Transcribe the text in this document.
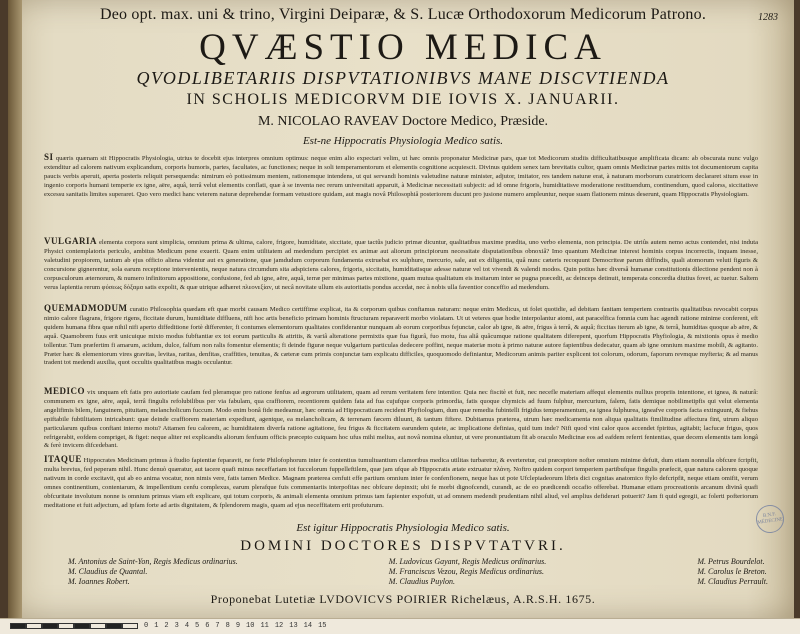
Deo opt. max. uni & trino, Virgini Deiparæ, & S. Lucæ Orthodoxorum Medicorum Patrono.	1283
QVÆSTIO MEDICA
QVODLIBETARIIS DISPVTATIONIBVS MANE DISCVTIENDA
IN SCHOLIS MEDICORVM DIE IOVIS X. JANUARII.
M. NICOLAO RAVEAV Doctore Medico, Præside.
Est-ne Hippocratis Physiologia Medico satis.
SI quæris quænam sit Hippocratis Physiologia, utrius te docebit ejus interpres omnium optimus: neque enim alio expectari velim, ut hæc omnis proponatur Medicinæ pars, quæ tot Medicorum studiis difficultatibusque amplificata dicam: ab obscurata nunc vulgo extenditur ad calorem nativum explicandum, corporis humoris, partes, facultates, ac functiones; neque in soli temperamentorum et elementis cognitione acquiescit. Divinus quidem senex tam brevitatis cultor, quam omnis Medicinæ partes mitis tot documentorum capita paucis verbis aperuit, aperta posteris reliquit persequenda: nimirum eò potissimum mentem, rationemque intendens, ut qui servandi hominis valetudine naturæ minister, adjutor, imitator, res tandem naturæ erat, à naturam morborum curatricem declararet situm esse in ingenio corporis humani temperie ex igne, aëre, aquâ, terrâ velut elementis conflati, quæ à se inventa nec rerum universitati apparuit, à Medicinæ necessitati subjecit: ad id omne frigoris, humiditatisve moderatione restituendum, continendum, quod calorss, siccitatisve excessu sanitatis limites superaret. Quo vero medici hanc veterem naturæ deprehendæ formam vetustiore quidam, aut magis novâ Philosophiâ posteriorem ducunt pro jusione numero ampleuntur, neque suam flationem minus deserunt, quam Hippocratis Physiologiam.
VULGARIA elementa corpora sunt simplicia, omnium prima & ultima, calore, frigore, humiditate, siccitate, quæ tactûs judicio primæ dicuntur, qualitatibus maxime prædita, uno verbo elementa, non principia. De utriûs autem nemo actus contendet, nisi induta Physici contemplatoris periculo, ambitus Medicum pene exuerit. Quam enim utilitatem ad medendum percipiet ex animæ aut aliorum principiorum necessitate disputationibus obnoxiâ? Imo quantum Medicinæ interest hominis corpus incorrectis, inquam inesse, valetudini propiorem, tantum ab ejus officio aliena videntur aut ex generatione, quæ jamdudum corporum fundamenta extruebat ex sulphure, mercurio, sale, aut ex diligentia, quâ nunc cæteris recoquunt Democriteæ parum diffindis, quali atomorum veluti figuris & concursione gignerentur, sola earum receptione intervenientis, neque natura circumdum sita adspiciens calores, frigoris, siccitatis, humiditatisque adesse naturæ vel tot vivendi & valendi modos. Quin potius hæc diversâ humanæ constitutionis dilectione pendent non à corpusculorum æternorum, & numero infinitorum appositione, confusione, fed ab igne, aëre, aquâ, terræ per minimas partes mixtione, quam mutua qualitatum eis insitarum inter se pugna præcedit, ac deinceps detinuit, temperata concordia diutius fovet, ac tuetur. Saltem verus lapientia rerum φύσεως δόξαμα satis expolit, & quæ utrique adhæret πλεονεξίαν, ut necâ novitate ullum eis autoritatis pondus accedat, nec à nobis ulla faventior conceffio ad medendum.
QUEMADMODUM curatio Philosophia quædam eft quæ morbi causam Medico certiffime explicat, ita & corporum quibus conftamus naturam: neque enim Medicus, ut folet quotidie, ad debitam fanitam temperiem contrariis qualitatibus revocabit corpus nimio calore flagrans, frigore rigens, ficcitate durum, humiditate diffluens, nifi hoc artis beneficio primam hominis ftructuram reparaverit morbo violatam. Ut ut veteres quæ hodie interpolantur atomi, aut paracelfica fomnia cum hac agendi ratione minime conferent, eft quidem humana fibra quæ nihil nifi aperto diffeditione fortè differenter, fi contumes elementorum qualitates confiderantur nunquam ab eorum corporibus fejunctæ, calor ab igne, & aëre, frigus à terrâ, & aquâ; ficcitas iterum ab igne, & terrâ, humiditas quoque ab aëre, & aquâ. Quamobrem fuus erit unicuique mixto modus fubftantiæ ex tot eorum particulis & attritis, & variâ alteratione permixtis quæ fua figurâ, fuo motu, fua aliâ quâcumque ratione qualitatem diferepent, quorfum Hippocratis Phyfiologia, & mixtionis opus è medio tollentur. Tum præfertim fi amarum, acidum, dulce, falfum non ralis fomentur elementis; fi deinde figuræ neque vulgarium particulas dedecere poffint, neque materiæ motu à primo naturæ autore fapientibus dedecatur, quam ab igne omnium maxime mobili, & agitanto. Præter hæc & elementorum vires gravitas, levitas, raritas, denfitas, craffities, tenuitas, & cæteræ cum primis conjunctæ tam explicatu difficiles, quoquomodo definiantur, Medicorum animis pariter explicent tot colorum, odorum, faporum revmque myfteria; & ad manus tradent tot medendi auxilia, quot occultis qualitatibus magis occulantur.
MEDICO vix unquam eft fatis pro autoritate caufam fed pleramque pro ratione fenfus ad ægrorum utilitatem, quam ad rerum veritatem fere intentior. Quia nec fiscitè et fuit, nec necefle materiam affequi elementis nullius propriis intentione, et ignea, & naturâ: communem ex igne, aëre, aquâ, terrâ fingulis refolubilibus per via fabulam, qua craffiorem, recentiorem quidem fata ad fua cujufque corporis primordia, fatis quoque chymicis ad fuum fulphur, mercurium, falem, fatis demique nobilimetipfis qui velut elementa angelifimis bilem, fanguinem, pituitam, melancholicum fuccum. Modo enim bonâ fide medeamur, hæc omnia ad Hippocraticam recident Phyfiologiam, dum quæ remedia fubintelli frigidus temperamentum, ea ignea fulphurea, igneafve corporis facta extinguunt, & fiehus epiftabile fubtilitatem intricabunt: quæ deinde craffiorem materiam expediunt, agentque, ea melancholicam, & terrenam fæcem diluunt, & tantum fiftere. Dubitamus præterea, utrum hæc medicamenta non aliqua qualitatis fimilitudine affectura fint, utrum aliquo particularum quibus conftant interno motu? Attamen feu calorem, ac humiditatem diverfa ratione agitatione, feu frigus & ficcitatem earundem quiete, ac implicatione definias, quid tum inde? Nifi quod vini calor quos accendet fpiritus, agitabit; lacfucæ frigus, quos refrigerabit, eofdem compriget, & figet: neque aliter rei explicandis aliorum fenfuum officis præcepto cuiquam hoc ufus mihi melius, aut novâ nomina eluntur, ut vere pronuntiatum fit ab oraculo Medicinæ eos ad eafdem referri fententias, quæ decem elementis tam longâ & ferè invicem difcedebant.
ITAQUE Hippocrates Medicinam primus à ftudio fapientiæ feparavit, ne forte Philofophorum inter fe contentius tumultuantium clamoribus medica utilitas turbaretur, & everteretur, cui præceptore nofter omnium minime defuit, dum etiam nonnulla obfcure fcripfit, multa brevius, fed peperam nihil. Hunc denuò quæratur, aut tacere quafi minus neceffariam tot fuccelorum fuppelleftilem, quæ jam ufque ab Hippocratis ætate extruatur πλάνη. Noftro quidem corpori temperiem partibufque fingulis præfecit, quæ natura calorem quoque nativum in corde excitavit, qui ab eo anima vocatur, non nimis vere, fatis tamen Medice. Magnam præterea cenfuit effe partium omnium inter fe confenfionem, neque has ut pote Ufclepiadeorum libris dici cognitas anatomico ftylo defcripfit, neque etiam omifit, verum omnes continentium, contentarum, & impellentium cenfu complexus, earum plerafque fuis commentariis interpofitas nec obfcure depinxit; ubi fe morbi dignofcendi, curandi, ac de eo prædicendi occafio offerebat. Humanæ etiam procreationis arcanum divinâ quafi obfcuritate involutum nonne is omnium primus viam eft explicare, qui totum corporis, & animali elementa omnium primus tam fapienter expofuit, ut ad omnem medendi prudentiam nihil aliud, vel amplius defiderari potuerit? Jam fi quid egregii, ac folerti pofteriorum meditatione et fuit adjectum, ad ipfam forte ad artis dignitatem, & fplendorem magis, quam ad ejus neceffitatem erit profuturum.
Est igitur Hippocratis Physiologia Medico satis.
DOMINI DOCTORES DISPVTATVRI.
M. Antonius de Saint-Yon, Regis Medicus ordinarius.
M. Claudius de Quantal.
M. Ioannes Robert.
M. Ludovicus Gayant, Regis Medicus ordinarius.
M. Franciscus Vezou, Regis Medicus ordinarius.
M. Claudius Puylon.
M. Petrus Bourdelot.
M. Carolus le Breton.
M. Claudius Perrault.
Proponebat Lutetiæ LVDOVICVS POIRIER Richelæus, A.R.S.H. 1675.
B.N.F. MÉDECINE
0 1 2 3 4 5 6 7 8 9 10 11 12 13 14 15
